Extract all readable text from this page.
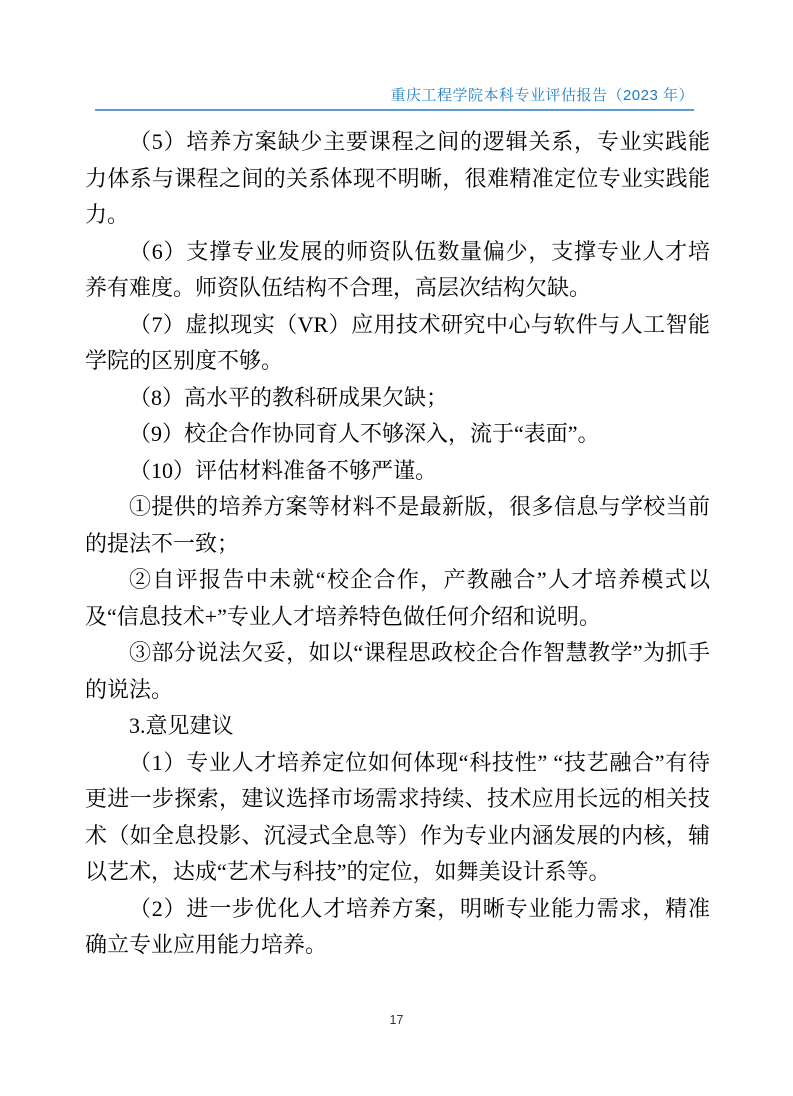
重庆工程学院本科专业评估报告（2023 年）

（5）培养方案缺少主要课程之间的逻辑关系，专业实践能力体系与课程之间的关系体现不明晰，很难精准定位专业实践能力。

（6）支撑专业发展的师资队伍数量偏少，支撑专业人才培养有难度。师资队伍结构不合理，高层次结构欠缺。

（7）虚拟现实（VR）应用技术研究中心与软件与人工智能学院的区别度不够。

（8）高水平的教科研成果欠缺；

（9）校企合作协同育人不够深入，流于“表面”。

（10）评估材料准备不够严谨。

①提供的培养方案等材料不是最新版，很多信息与学校当前的提法不一致；

②自评报告中未就“校企合作，产教融合”人才培养模式以及“信息技术+”专业人才培养特色做任何介绍和说明。

③部分说法欠妥，如以“课程思政校企合作智慧教学”为抓手的说法。

3.意见建议

（1）专业人才培养定位如何体现“科技性” “技艺融合”有待更进一步探索，建议选择市场需求持续、技术应用长远的相关技术（如全息投影、沉浸式全息等）作为专业内涵发展的内核，辅以艺术，达成“艺术与科技”的定位，如舞美设计系等。

（2）进一步优化人才培养方案，明晰专业能力需求，精准确立专业应用能力培养。

17
